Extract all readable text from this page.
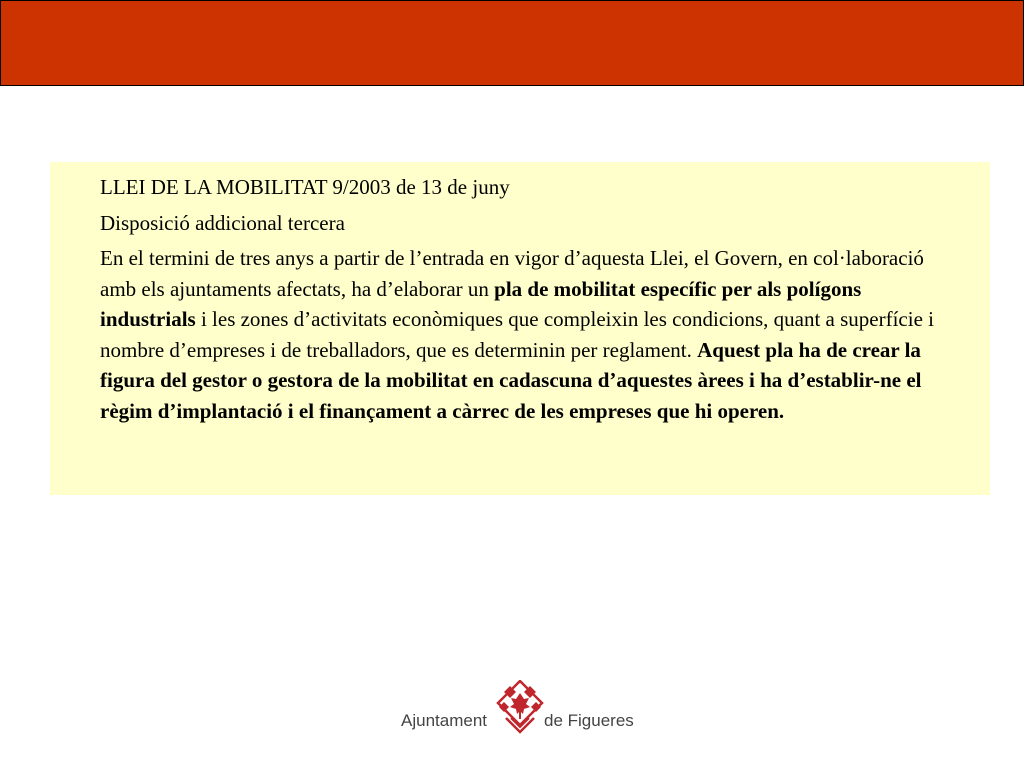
LLEI DE LA MOBILITAT 9/2003 de 13 de juny

Disposició addicional tercera

En el termini de tres anys a partir de l’entrada en vigor d’aquesta Llei, el Govern, en col·laboració amb els ajuntaments afectats, ha d’elaborar un pla de mobilitat específic per als polígons industrials i les zones d’activitats econòmiques que compleixin les condicions, quant a superfície i nombre d’empreses i de treballadors, que es determinin per reglament. Aquest pla ha de crear la figura del gestor o gestora de la mobilitat en cadascuna d’aquestes àrees i ha d’establir-ne el règim d’implantació i el finançament a càrrec de les empreses que hi operen.

Ajuntament	de Figueres
